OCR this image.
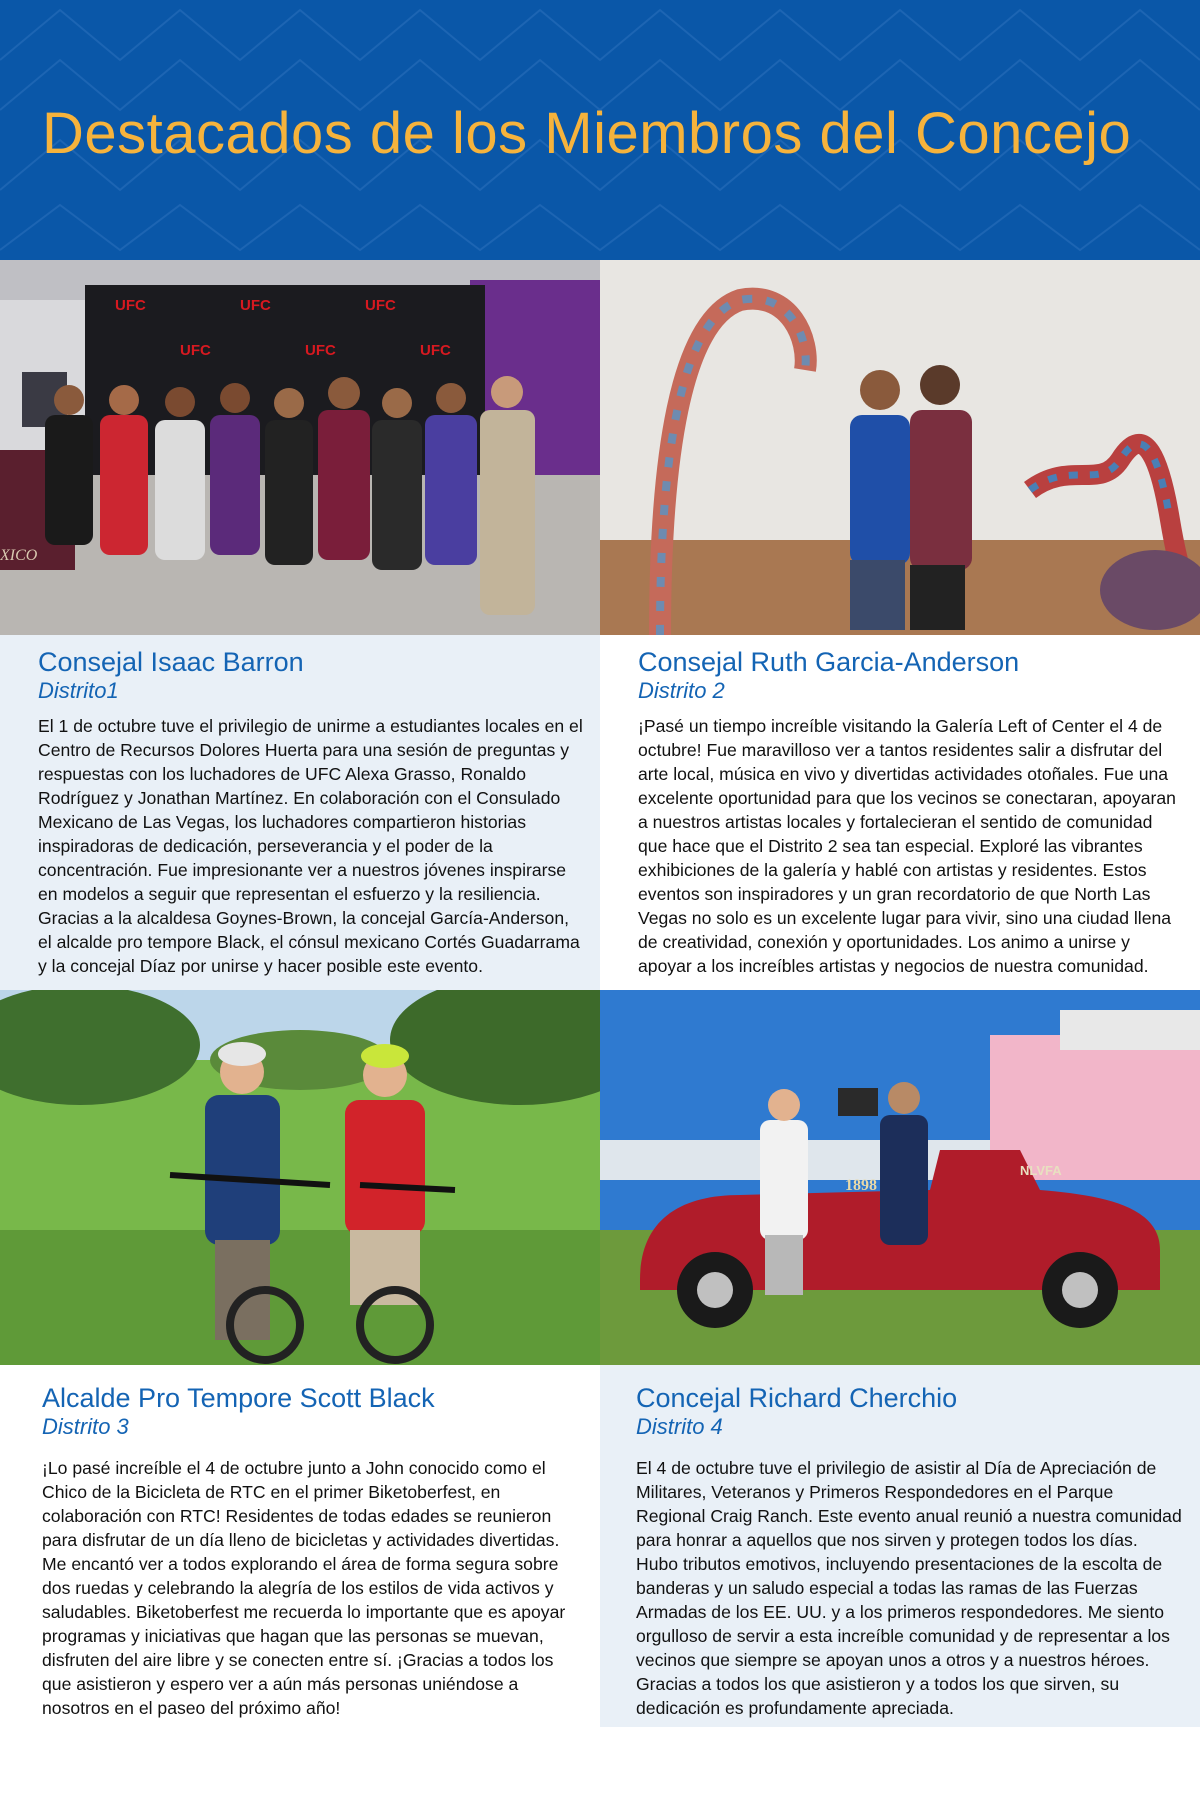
Destacados de los Miembros del Concejo
UFC	UFC	UFC
UFC	UFC	UFC
XICO
Consejal Isaac Barron

Distrito1

El 1 de octubre tuve el privilegio de unirme a estudiantes locales en el Centro de Recursos Dolores Huerta para una sesión de preguntas y respuestas con los luchadores de UFC Alexa Grasso, Ronaldo Rodríguez y Jonathan Martínez. En colaboración con el Consulado Mexicano de Las Vegas, los luchadores compartieron historias inspiradoras de dedicación, perseverancia y el poder de la concentración. Fue impresionante ver a nuestros jóvenes inspirarse en modelos a seguir que representan el esfuerzo y la resiliencia. Gracias a la alcaldesa Goynes-Brown, la concejal García-Anderson, el alcalde pro tempore Black, el cónsul mexicano Cortés Guadarrama y la concejal Díaz por unirse y hacer posible este evento.

Consejal Ruth Garcia-Anderson

Distrito 2

¡Pasé un tiempo increíble visitando la Galería Left of Center el 4 de octubre! Fue maravilloso ver a tantos residentes salir a disfrutar del arte local, música en vivo y divertidas actividades otoñales. Fue una excelente oportunidad para que los vecinos se conectaran, apoyaran a nuestros artistas locales y fortalecieran el sentido de comunidad que hace que el Distrito 2 sea tan especial. Exploré las vibrantes exhibiciones de la galería y hablé con artistas y residentes. Estos eventos son inspiradores y un gran recordatorio de que North Las Vegas no solo es un excelente lugar para vivir, sino una ciudad llena de creatividad, conexión y oportunidades. Los animo a unirse y apoyar a los increíbles artistas y negocios de nuestra comunidad.

NLVFA
1898
Alcalde Pro Tempore Scott Black

Distrito 3

¡Lo pasé increíble el 4 de octubre junto a John conocido como el Chico de la Bicicleta de RTC en el primer Biketoberfest, en colaboración con RTC! Residentes de todas edades se reunieron para disfrutar de un día lleno de bicicletas y actividades divertidas. Me encantó ver a todos explorando el área de forma segura sobre dos ruedas y celebrando la alegría de los estilos de vida activos y saludables. Biketoberfest me recuerda lo importante que es apoyar programas y iniciativas que hagan que las personas se muevan, disfruten del aire libre y se conecten entre sí. ¡Gracias a todos los que asistieron y espero ver a aún más personas uniéndose a nosotros en el paseo del próximo año!

Concejal Richard Cherchio

Distrito 4

El 4 de octubre tuve el privilegio de asistir al Día de Apreciación de Militares, Veteranos y Primeros Respondedores en el Parque Regional Craig Ranch. Este evento anual reunió a nuestra comunidad para honrar a aquellos que nos sirven y protegen todos los días. Hubo tributos emotivos, incluyendo presentaciones de la escolta de banderas y un saludo especial a todas las ramas de las Fuerzas Armadas de los EE. UU. y a los primeros respondedores. Me siento orgulloso de servir a esta increíble comunidad y de representar a los vecinos que siempre se apoyan unos a otros y a nuestros héroes. Gracias a todos los que asistieron y a todos los que sirven, su dedicación es profundamente apreciada.
